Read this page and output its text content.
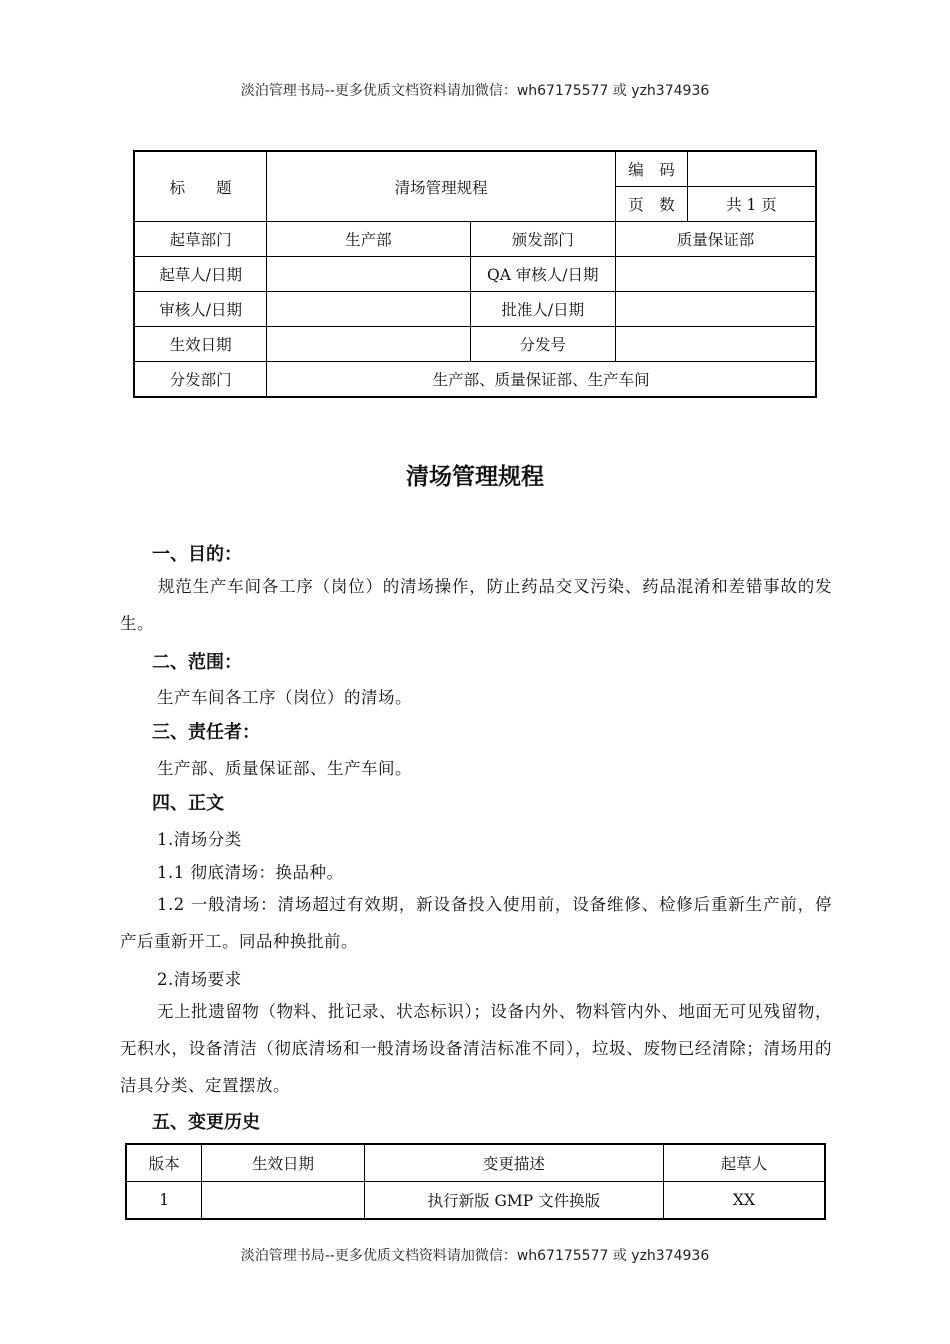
淡泊管理书局--更多优质文档资料请加微信：wh67175577 或 yzh374936
标　　题	清场管理规程		编　码	
			页　数	共 1 页
起草部门	生产部	颁发部门	质量保证部	
起草人/日期		QA 审核人/日期		
审核人/日期		批准人/日期		
生效日期		分发号		
分发部门	生产部、质量保证部、生产车间			
清场管理规程
一、目的：
规范生产车间各工序（岗位）的清场操作，防止药品交叉污染、药品混淆和差错事故的发生。
二、范围：
生产车间各工序（岗位）的清场。
三、责任者：
生产部、质量保证部、生产车间。
四、正文
1.清场分类
1.1 彻底清场：换品种。
1.2 一般清场：清场超过有效期，新设备投入使用前，设备维修、检修后重新生产前，停产后重新开工。同品种换批前。
2.清场要求
无上批遗留物（物料、批记录、状态标识）；设备内外、物料管内外、地面无可见残留物，无积水，设备清洁（彻底清场和一般清场设备清洁标准不同），垃圾、废物已经清除；清场用的洁具分类、定置摆放。
五、变更历史
版本	生效日期	变更描述	起草人
1		执行新版 GMP 文件换版	XX
淡泊管理书局--更多优质文档资料请加微信：wh67175577 或 yzh374936
